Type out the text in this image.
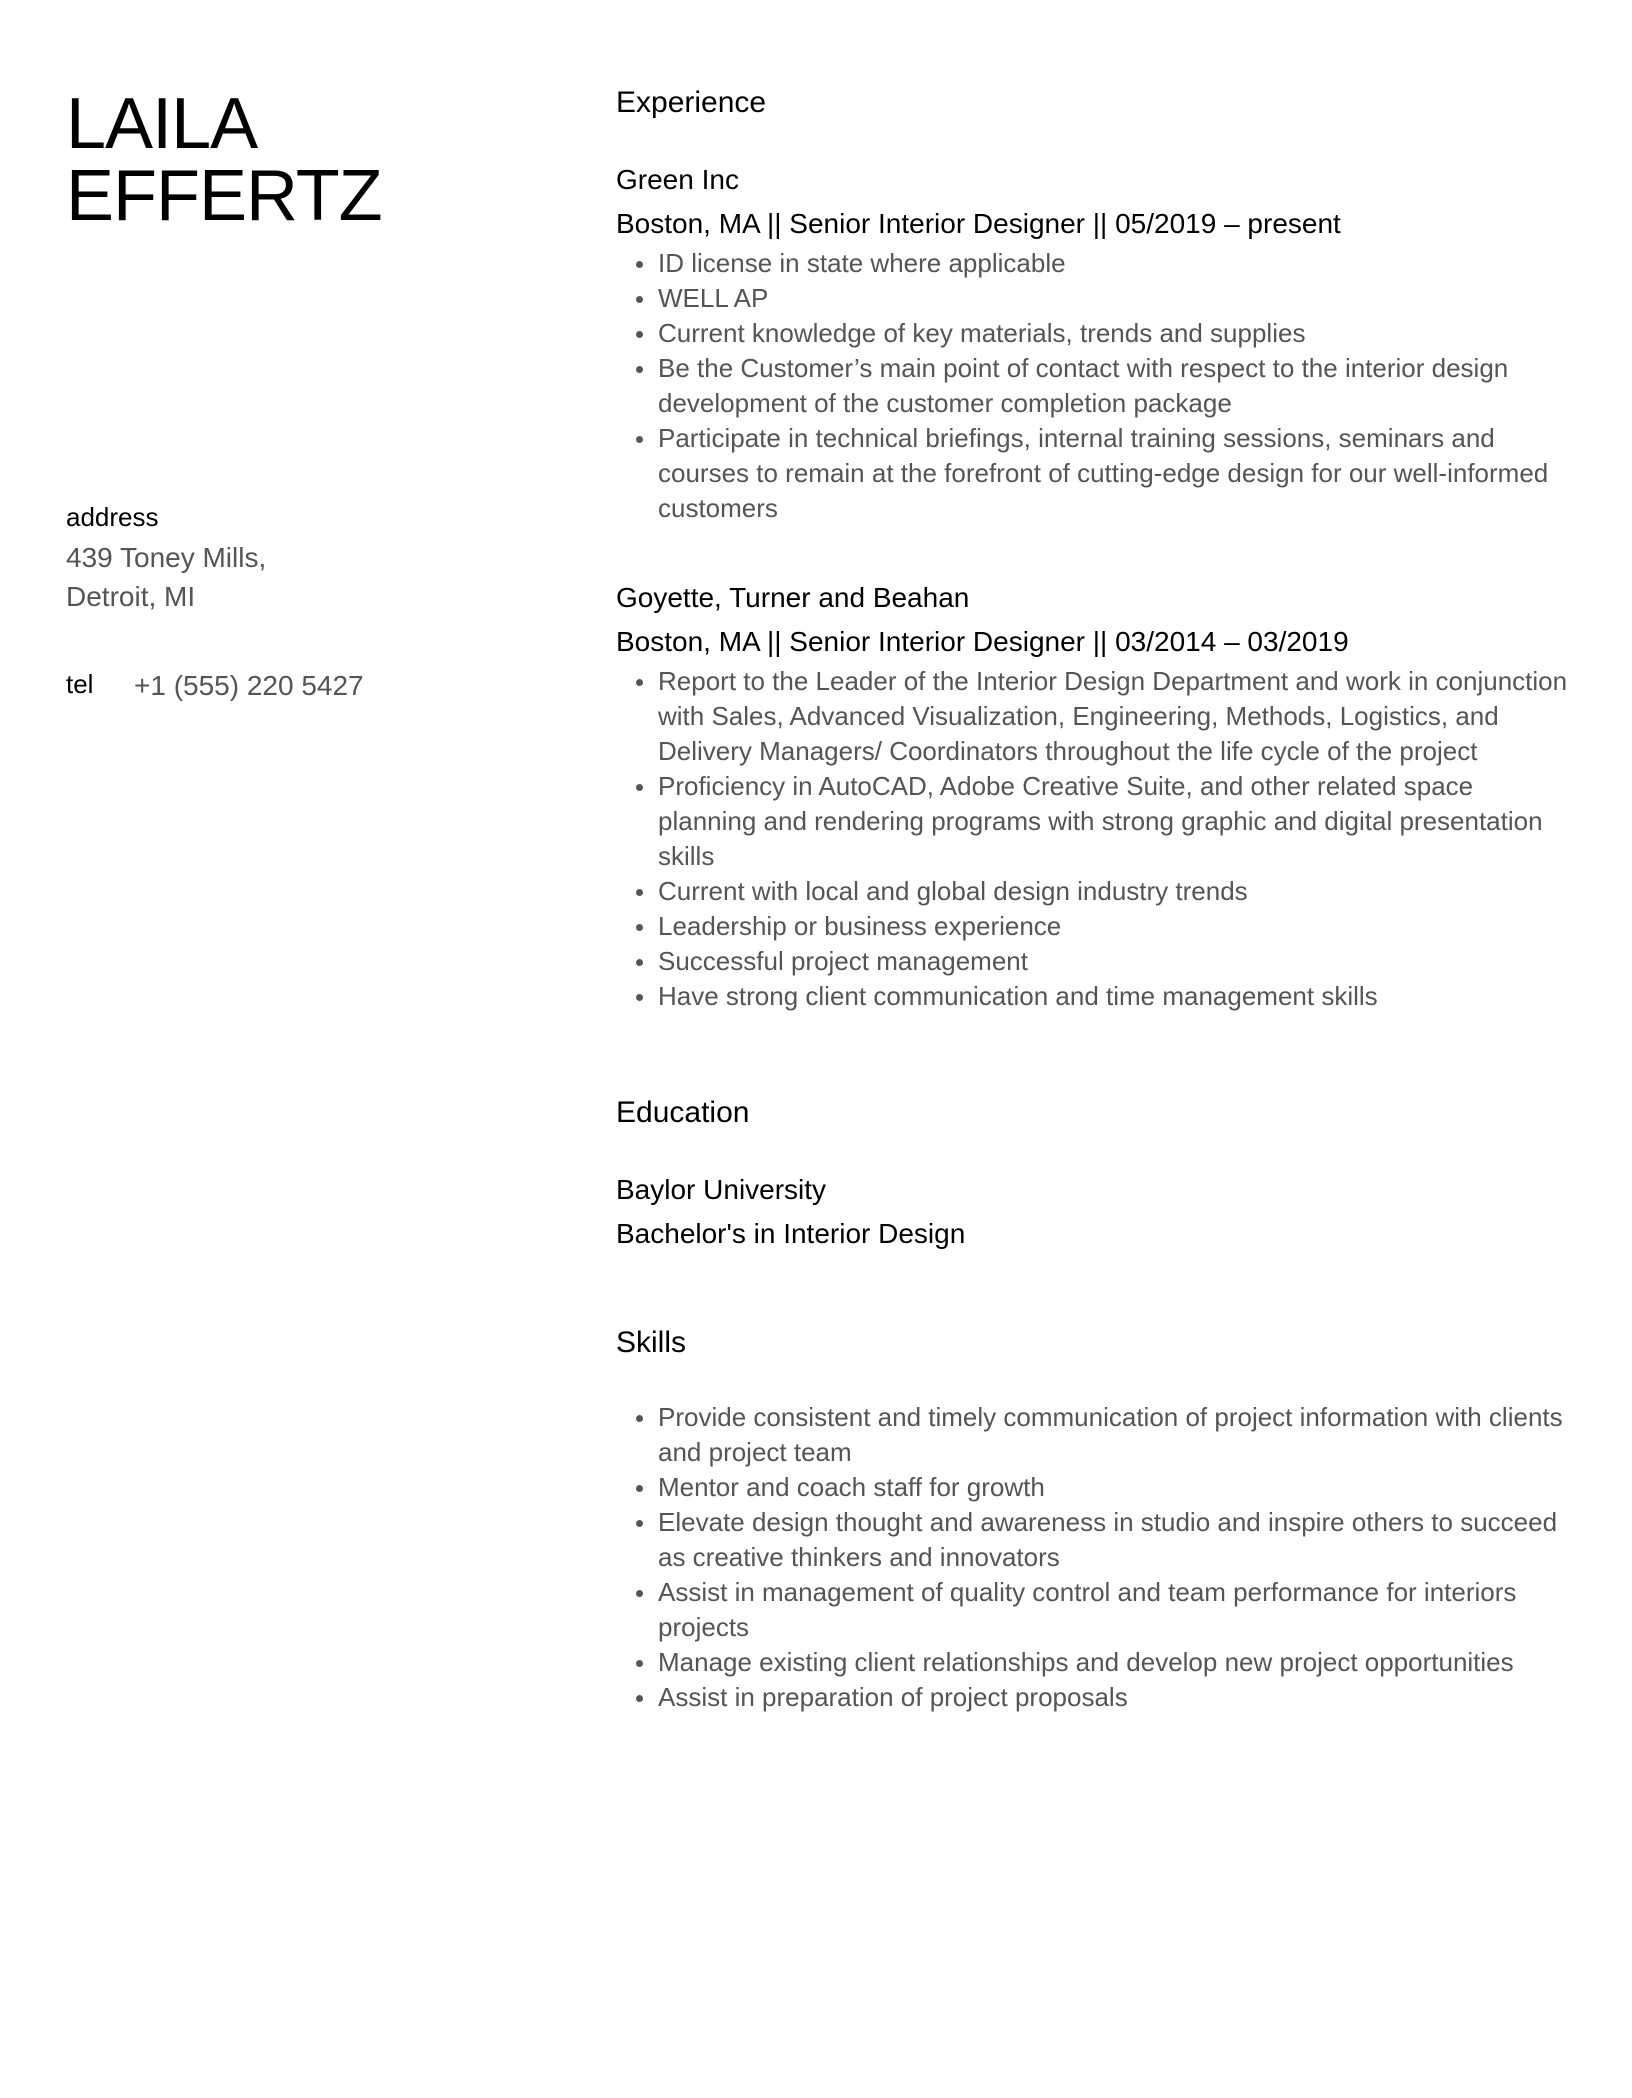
LAILA
EFFERTZ
address
439 Toney Mills,
Detroit, MI
tel +1 (555) 220 5427
Experience

Green Inc

Boston, MA || Senior Interior Designer || 05/2019 – present

ID license in state where applicable
WELL AP
Current knowledge of key materials, trends and supplies
Be the Customer’s main point of contact with respect to the interior design development of the customer completion package
Participate in technical briefings, internal training sessions, seminars and courses to remain at the forefront of cutting-edge design for our well-informed customers

Goyette, Turner and Beahan

Boston, MA || Senior Interior Designer || 03/2014 – 03/2019

Report to the Leader of the Interior Design Department and work in conjunction with Sales, Advanced Visualization, Engineering, Methods, Logistics, and Delivery Managers/ Coordinators throughout the life cycle of the project
Proficiency in AutoCAD, Adobe Creative Suite, and other related space planning and rendering programs with strong graphic and digital presentation skills
Current with local and global design industry trends
Leadership or business experience
Successful project management
Have strong client communication and time management skills
Education

Baylor University

Bachelor's in Interior Design

Skills
Provide consistent and timely communication of project information with clients and project team
Mentor and coach staff for growth
Elevate design thought and awareness in studio and inspire others to succeed as creative thinkers and innovators
Assist in management of quality control and team performance for interiors projects
Manage existing client relationships and develop new project opportunities
Assist in preparation of project proposals
